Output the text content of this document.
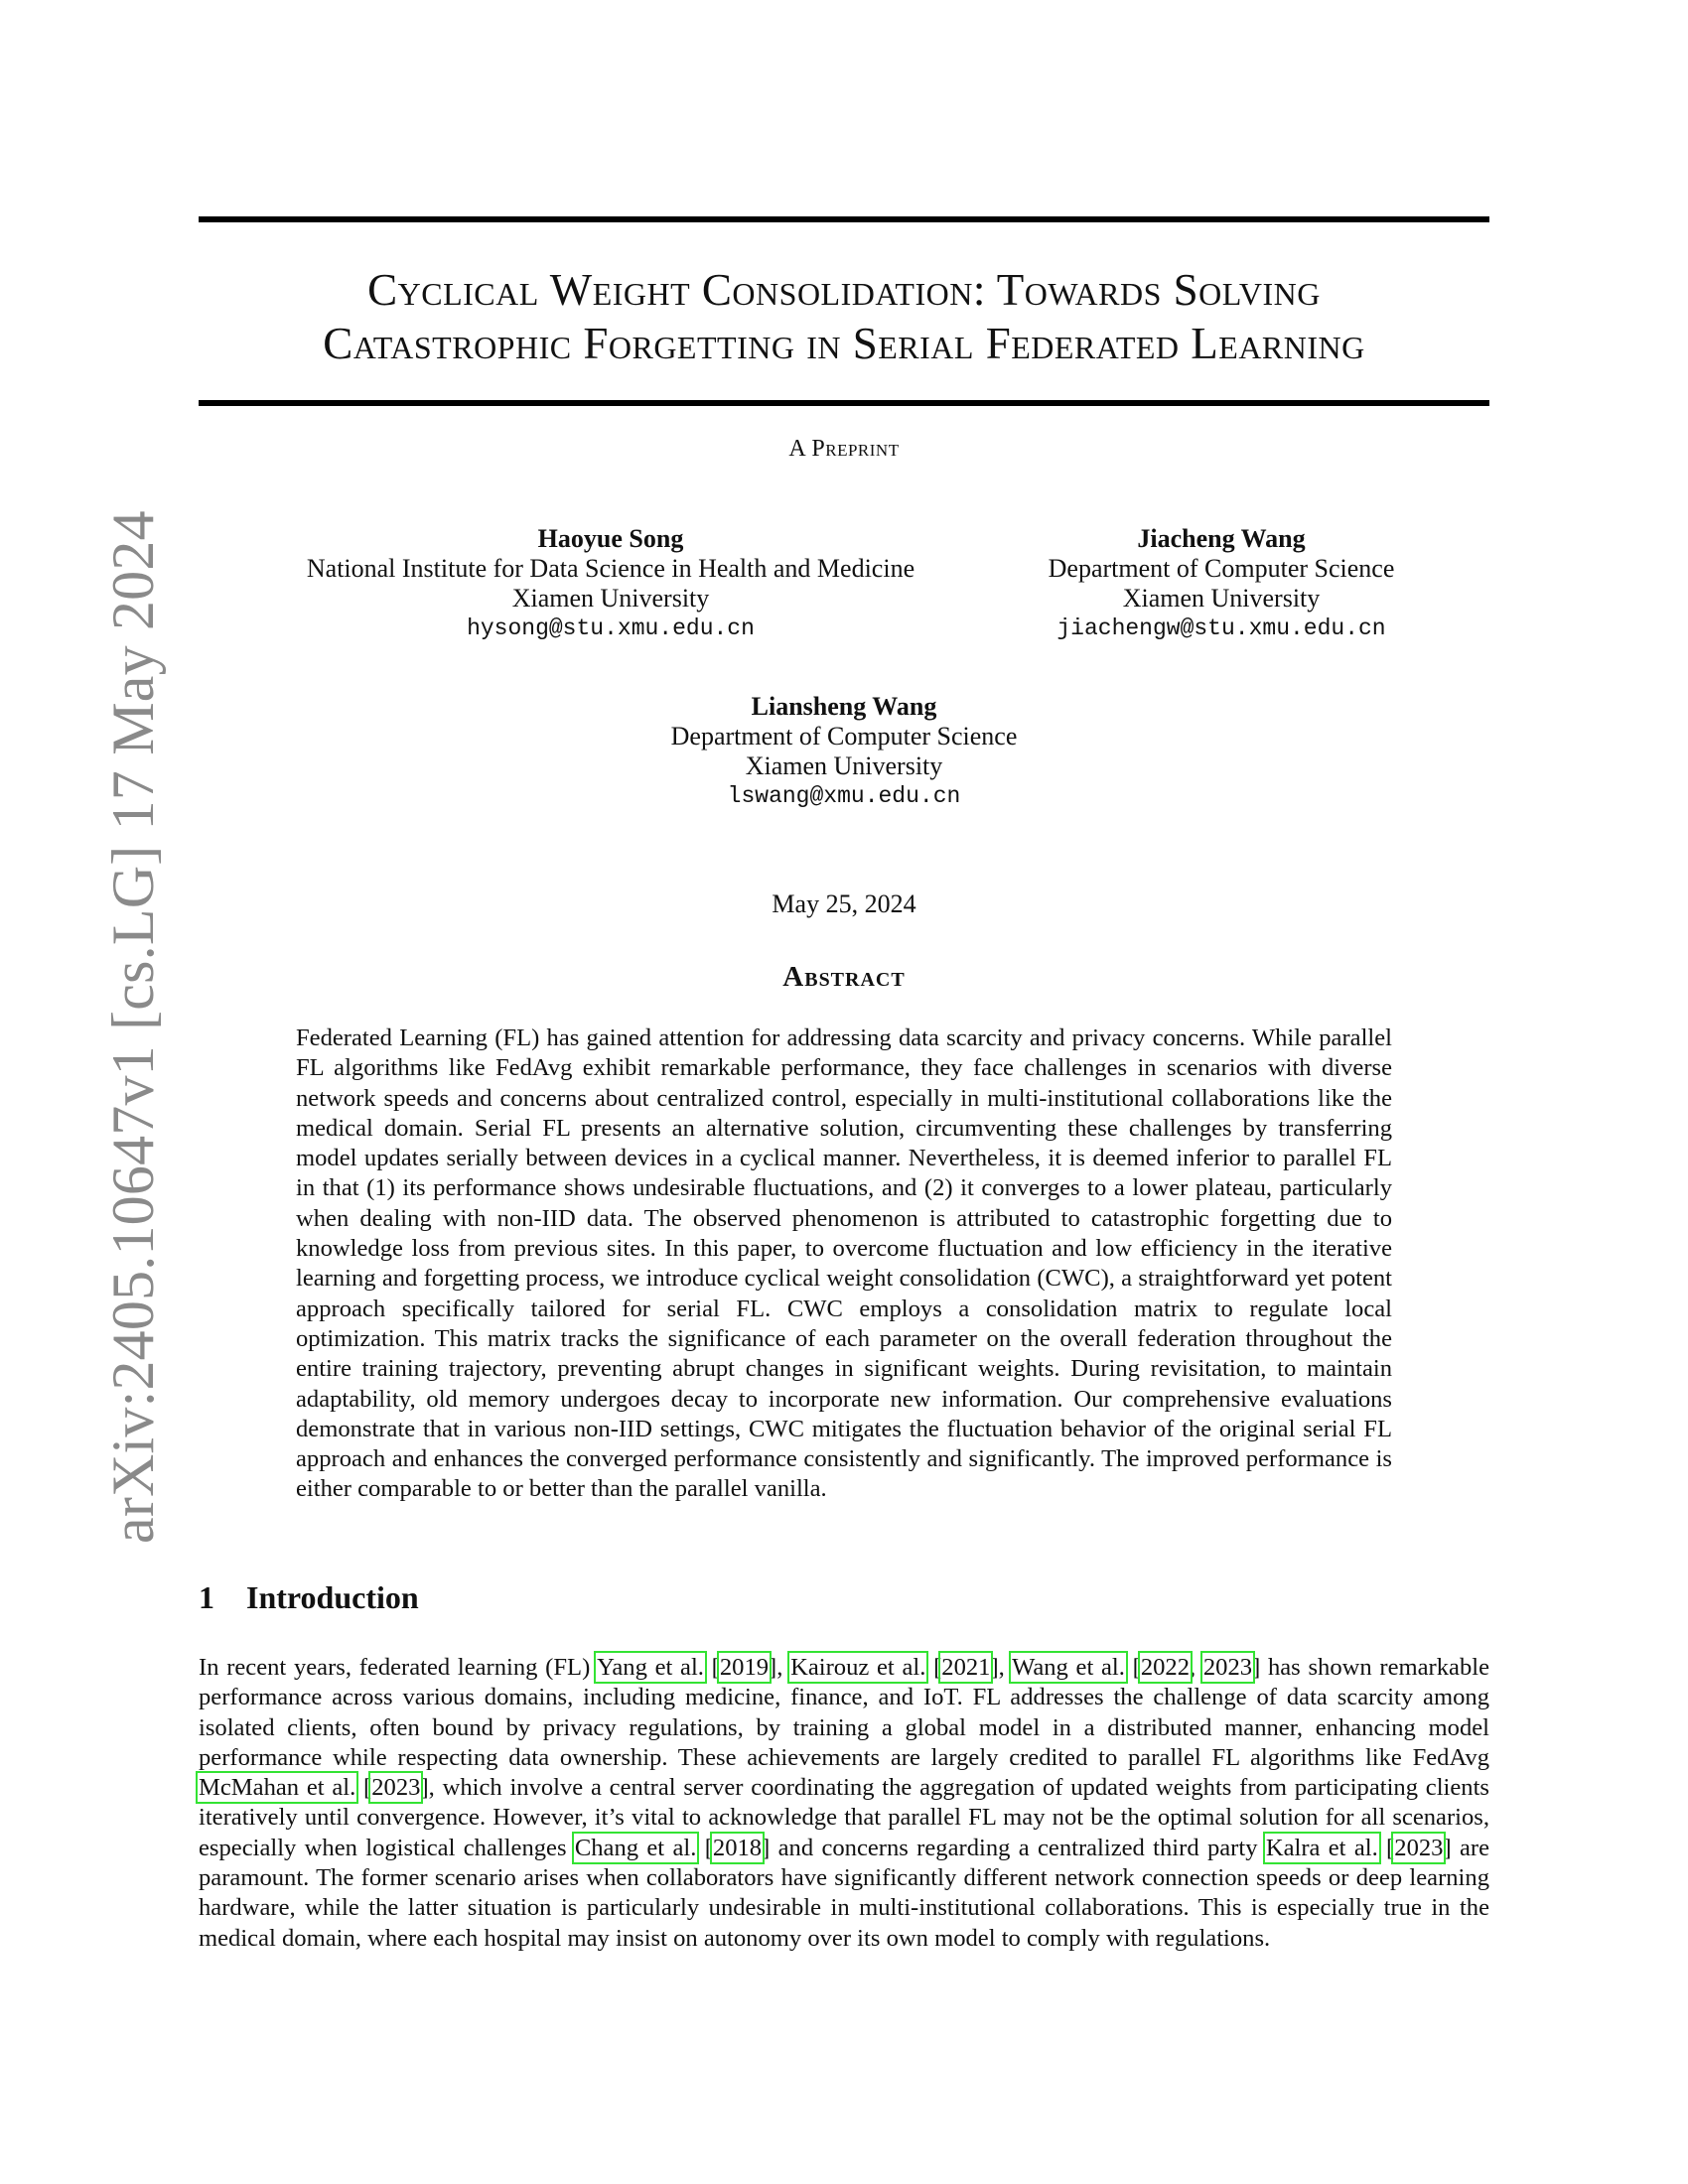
arXiv:2405.10647v1 [cs.LG] 17 May 2024
Cyclical Weight Consolidation: Towards Solving
Catastrophic Forgetting in Serial Federated Learning
A Preprint
Haoyue Song
National Institute for Data Science in Health and Medicine
Xiamen University
hysong@stu.xmu.edu.cn
Jiacheng Wang
Department of Computer Science
Xiamen University
jiachengw@stu.xmu.edu.cn
Liansheng Wang
Department of Computer Science
Xiamen University
lswang@xmu.edu.cn
May 25, 2024
Abstract
Federated Learning (FL) has gained attention for addressing data scarcity and privacy concerns. While parallel FL algorithms like FedAvg exhibit remarkable performance, they face challenges in scenarios with diverse network speeds and concerns about centralized control, especially in multi-institutional collaborations like the medical domain. Serial FL presents an alternative solution, circumventing these challenges by transferring model updates serially between devices in a cyclical manner. Nevertheless, it is deemed inferior to parallel FL in that (1) its performance shows undesirable fluctuations, and (2) it converges to a lower plateau, particularly when dealing with non-IID data. The observed phenomenon is attributed to catastrophic forgetting due to knowledge loss from previous sites. In this paper, to overcome fluctuation and low efficiency in the iterative learning and forgetting process, we introduce cyclical weight consolidation (CWC), a straightforward yet potent approach specifically tailored for serial FL. CWC employs a consolidation matrix to regulate local optimization. This matrix tracks the significance of each parameter on the overall federation throughout the entire training trajectory, preventing abrupt changes in significant weights. During revisitation, to maintain adaptability, old memory undergoes decay to incorporate new information. Our comprehensive evaluations demonstrate that in various non-IID settings, CWC mitigates the fluctuation behavior of the original serial FL approach and enhances the converged performance consistently and significantly. The improved performance is either comparable to or better than the parallel vanilla.
1 Introduction
In recent years, federated learning (FL) Yang et al. [2019], Kairouz et al. [2021], Wang et al. [2022, 2023] has shown remarkable performance across various domains, including medicine, finance, and IoT. FL addresses the challenge of data scarcity among isolated clients, often bound by privacy regulations, by training a global model in a distributed manner, enhancing model performance while respecting data ownership. These achievements are largely credited to parallel FL algorithms like FedAvg McMahan et al. [2023], which involve a central server coordinating the aggregation of updated weights from participating clients iteratively until convergence. However, it’s vital to acknowledge that parallel FL may not be the optimal solution for all scenarios, especially when logistical challenges Chang et al. [2018] and concerns regarding a centralized third party Kalra et al. [2023] are paramount. The former scenario arises when collaborators have significantly different network connection speeds or deep learning hardware, while the latter situation is particularly undesirable in multi-institutional collaborations. This is especially true in the medical domain, where each hospital may insist on autonomy over its own model to comply with regulations.
